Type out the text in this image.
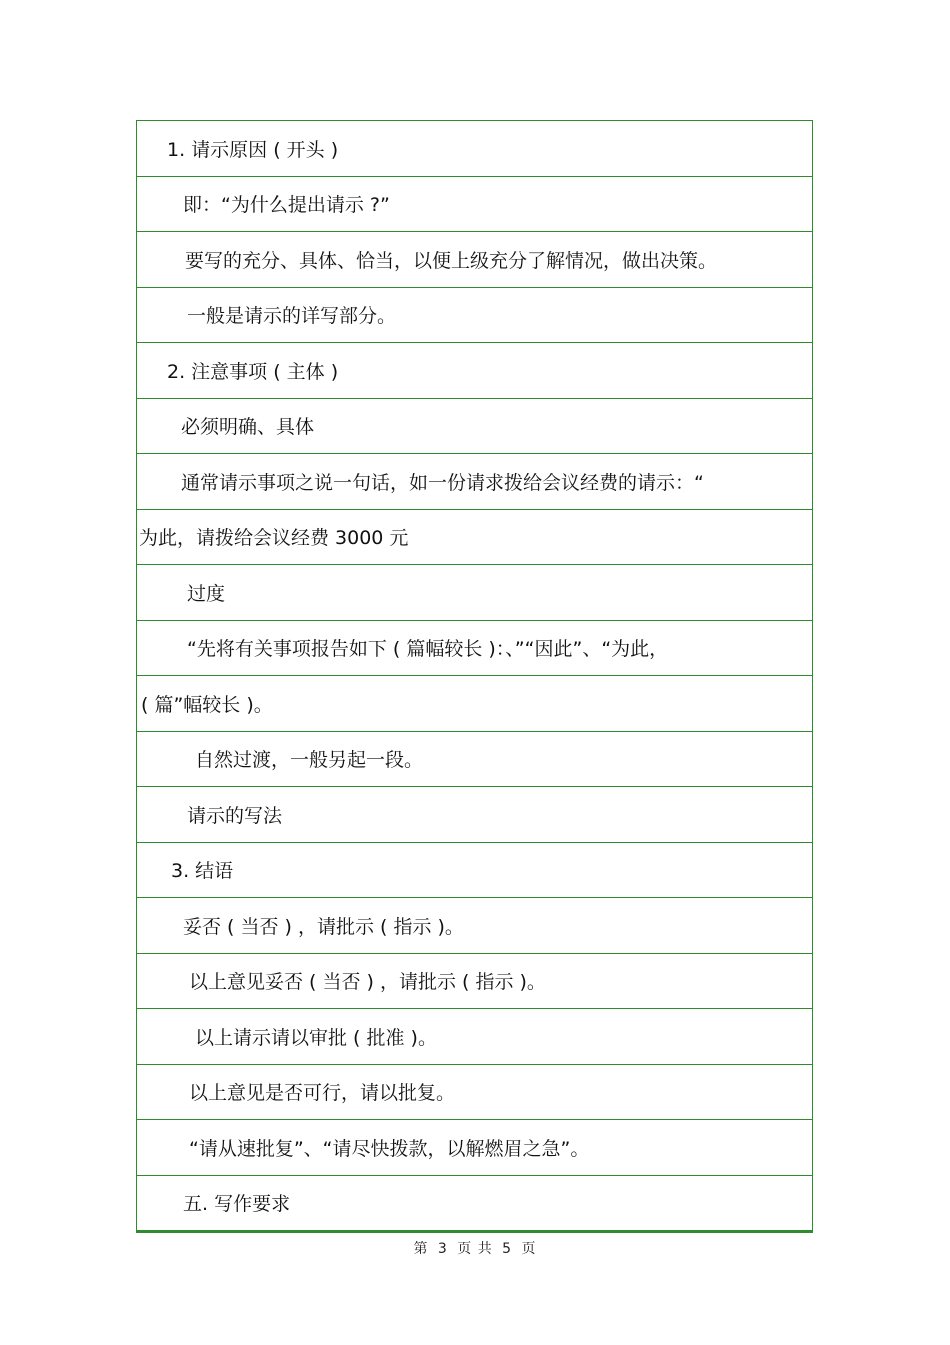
1. 请示原因 ( 开头 )
即：“为什么提出请示 ?”
要写的充分、具体、恰当，以便上级充分了解情况，做出决策。
一般是请示的详写部分。
2. 注意事项 ( 主体 )
必须明确、具体
通常请示事项之说一句话，如一份请求拨给会议经费的请示：“
为此，请拨给会议经费 3000 元
过度
“先将有关事项报告如下 ( 篇幅较长 )：、”“因此”、“为此，
( 篇”幅较长 )。
自然过渡，一般另起一段。
请示的写法
3. 结语
妥否 ( 当否 ) ，请批示 ( 指示 )。
以上意见妥否 ( 当否 ) ，请批示 ( 指示 )。
以上请示请以审批 ( 批准 )。
以上意见是否可行，请以批复。
“请从速批复”、“请尽快拨款，以解燃眉之急”。
五. 写作要求
第 3 页 共 5 页
